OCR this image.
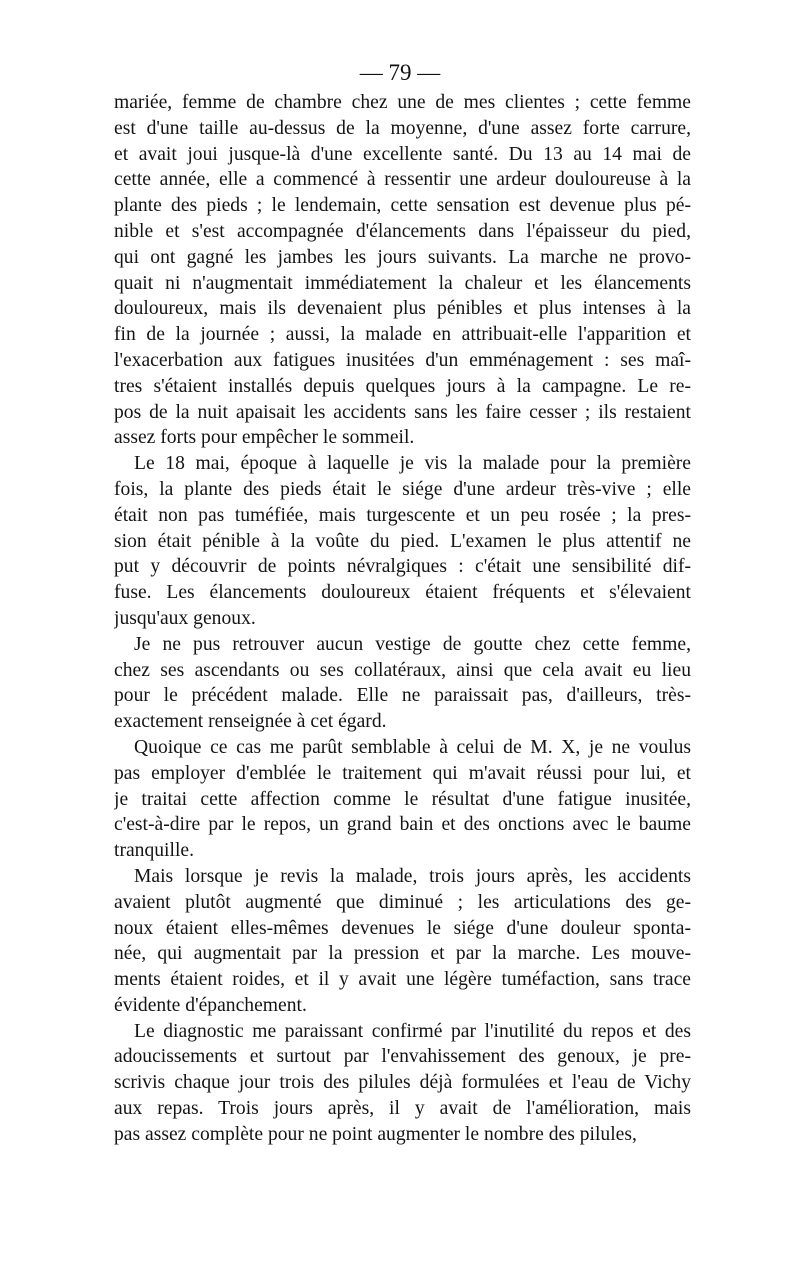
— 79 —
mariée, femme de chambre chez une de mes clientes ; cette femme
est d'une taille au-dessus de la moyenne, d'une assez forte carrure,
et avait joui jusque-là d'une excellente santé. Du 13 au 14 mai de
cette année, elle a commencé à ressentir une ardeur douloureuse à la
plante des pieds ; le lendemain, cette sensation est devenue plus pé-
nible et s'est accompagnée d'élancements dans l'épaisseur du pied,
qui ont gagné les jambes les jours suivants. La marche ne provo-
quait ni n'augmentait immédiatement la chaleur et les élancements
douloureux, mais ils devenaient plus pénibles et plus intenses à la
fin de la journée ; aussi, la malade en attribuait-elle l'apparition et
l'exacerbation aux fatigues inusitées d'un emménagement : ses maî-
tres s'étaient installés depuis quelques jours à la campagne. Le re-
pos de la nuit apaisait les accidents sans les faire cesser ; ils restaient
assez forts pour empêcher le sommeil.
Le 18 mai, époque à laquelle je vis la malade pour la première
fois, la plante des pieds était le siége d'une ardeur très-vive ; elle
était non pas tuméfiée, mais turgescente et un peu rosée ; la pres-
sion était pénible à la voûte du pied. L'examen le plus attentif ne
put y découvrir de points névralgiques : c'était une sensibilité dif-
fuse. Les élancements douloureux étaient fréquents et s'élevaient
jusqu'aux genoux.
Je ne pus retrouver aucun vestige de goutte chez cette femme,
chez ses ascendants ou ses collatéraux, ainsi que cela avait eu lieu
pour le précédent malade. Elle ne paraissait pas, d'ailleurs, très-
exactement renseignée à cet égard.
Quoique ce cas me parût semblable à celui de M. X, je ne voulus
pas employer d'emblée le traitement qui m'avait réussi pour lui, et
je traitai cette affection comme le résultat d'une fatigue inusitée,
c'est-à-dire par le repos, un grand bain et des onctions avec le baume
tranquille.
Mais lorsque je revis la malade, trois jours après, les accidents
avaient plutôt augmenté que diminué ; les articulations des ge-
noux étaient elles-mêmes devenues le siége d'une douleur sponta-
née, qui augmentait par la pression et par la marche. Les mouve-
ments étaient roides, et il y avait une légère tuméfaction, sans trace
évidente d'épanchement.
Le diagnostic me paraissant confirmé par l'inutilité du repos et des
adoucissements et surtout par l'envahissement des genoux, je pre-
scrivis chaque jour trois des pilules déjà formulées et l'eau de Vichy
aux repas. Trois jours après, il y avait de l'amélioration, mais
pas assez complète pour ne point augmenter le nombre des pilules,
